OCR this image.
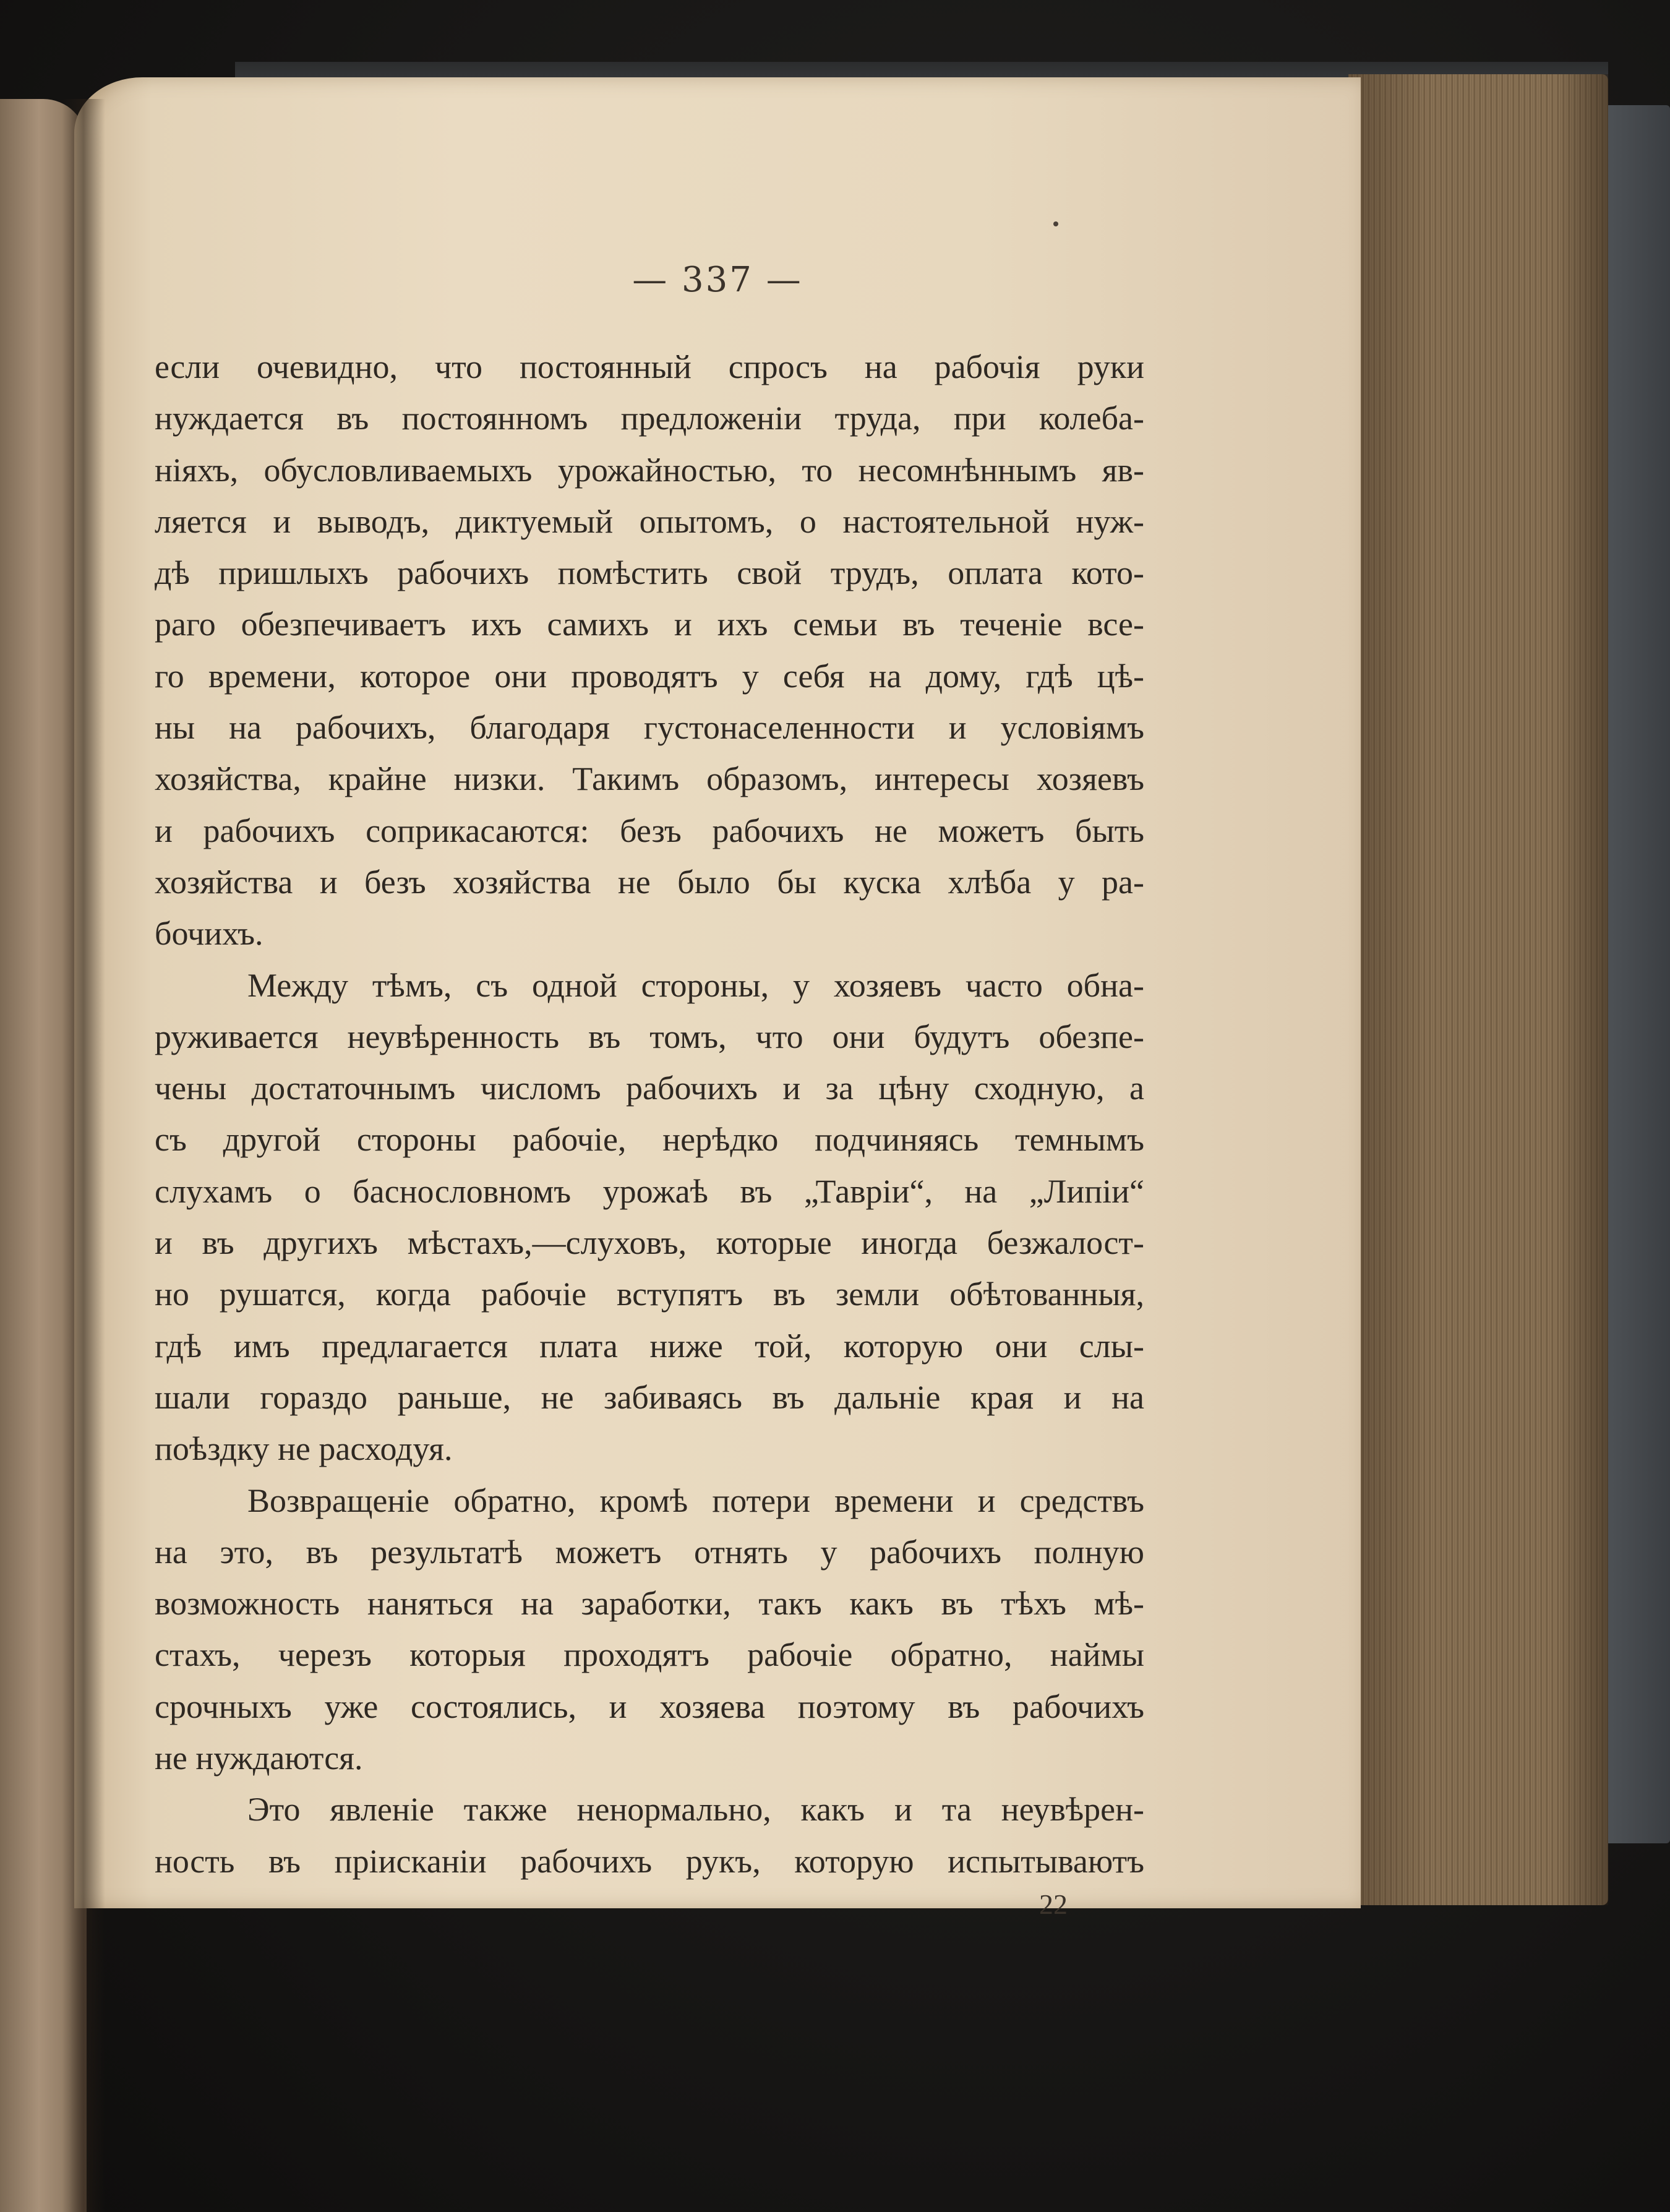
— 337 —
если очевидно, что постоянный спросъ на рабочія руки
нуждается въ постоянномъ предложеніи труда, при колеба-
ніяхъ, обусловливаемыхъ урожайностью, то несомнѣннымъ яв-
ляется и выводъ, диктуемый опытомъ, о настоятельной нуж-
дѣ пришлыхъ рабочихъ помѣстить свой трудъ, оплата кото-
раго обезпечиваетъ ихъ самихъ и ихъ семьи въ теченіе все-
го времени, которое они проводятъ у себя на дому, гдѣ цѣ-
ны на рабочихъ, благодаря густонаселенности и условіямъ
хозяйства, крайне низки. Такимъ образомъ, интересы хозяевъ
и рабочихъ соприкасаются: безъ рабочихъ не можетъ быть
хозяйства и безъ хозяйства не было бы куска хлѣба у ра-
бочихъ.
Между тѣмъ, съ одной стороны, у хозяевъ часто обна-
руживается неувѣренность въ томъ, что они будутъ обезпе-
чены достаточнымъ числомъ рабочихъ и за цѣну сходную, а
съ другой стороны рабочіе, нерѣдко подчиняясь темнымъ
слухамъ о баснословномъ урожаѣ въ „Тавріи“, на „Липіи“
и въ другихъ мѣстахъ,—слуховъ, которые иногда безжалост-
но рушатся, когда рабочіе вступятъ въ земли обѣтованныя,
гдѣ имъ предлагается плата ниже той, которую они слы-
шали гораздо раньше, не забиваясь въ дальніе края и на
поѣздку не расходуя.
Возвращеніе обратно, кромѣ потери времени и средствъ
на это, въ результатѣ можетъ отнять у рабочихъ полную
возможность наняться на заработки, такъ какъ въ тѣхъ мѣ-
стахъ, черезъ которыя проходятъ рабочіе обратно, наймы
срочныхъ уже состоялись, и хозяева поэтому въ рабочихъ
не нуждаются.
Это явленіе также ненормально, какъ и та неувѣрен-
ность въ пріисканіи рабочихъ рукъ, которую испытываютъ
22
